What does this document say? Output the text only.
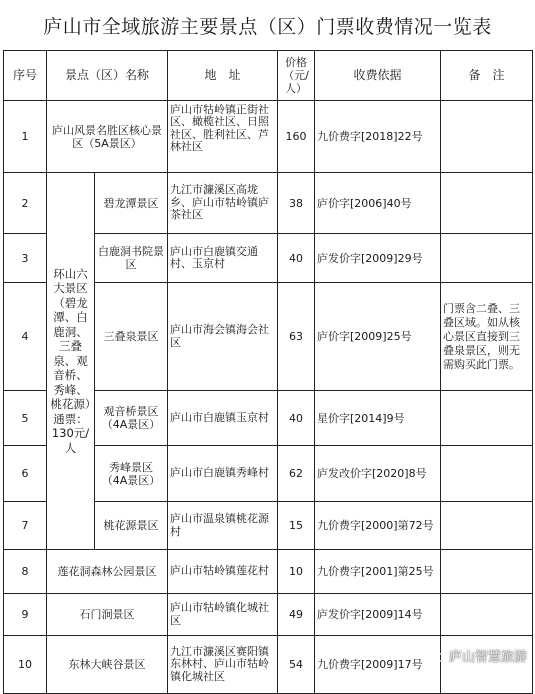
庐山市全域旅游主要景点（区）门票收费情况一览表
序号	景点（区）名称		地　址	价格（元/人）	收费依据	备　注
1	庐山风景名胜区核心景区（5A景区）		庐山市牯岭镇正街社区、橄榄社区、日照社区、胜利社区、芦林社区	160	九价费字[2018]22号	
2	环山六大景区（碧龙潭、白鹿洞、三叠泉、观音桥、秀峰、桃花源）通票：130元/人	碧龙潭景区	九江市濂溪区高垅乡、庐山市牯岭镇庐茶社区	38	庐价字[2006]40号	
3		白鹿洞书院景区	庐山市白鹿镇交通村、玉京村	40	庐发价字[2009]29号	
4		三叠泉景区	庐山市海会镇海会社区	63	庐价字[2009]25号	门票含二叠、三叠区域。如从核心景区直接到三叠泉景区，则无需购买此门票。
5		观音桥景区（4A景区）	庐山市白鹿镇玉京村	40	星价字[2014]9号	
6		秀峰景区（4A景区）	庐山市白鹿镇秀峰村	62	庐发改价字[2020]8号	
7		桃花源景区	庐山市温泉镇桃花源村	15	九价费字[2000]第72号	
8	莲花洞森林公园景区		庐山市牯岭镇莲花村	10	九价费字[2001]第25号	
9	石门涧景区		庐山市牯岭镇化城社区	49	庐发价字[2009]14号	
10	东林大峡谷景区		九江市濂溪区赛阳镇东林村、庐山市牯岭镇化城社区	54	九价费字[2009]17号	庐山智慧旅游
